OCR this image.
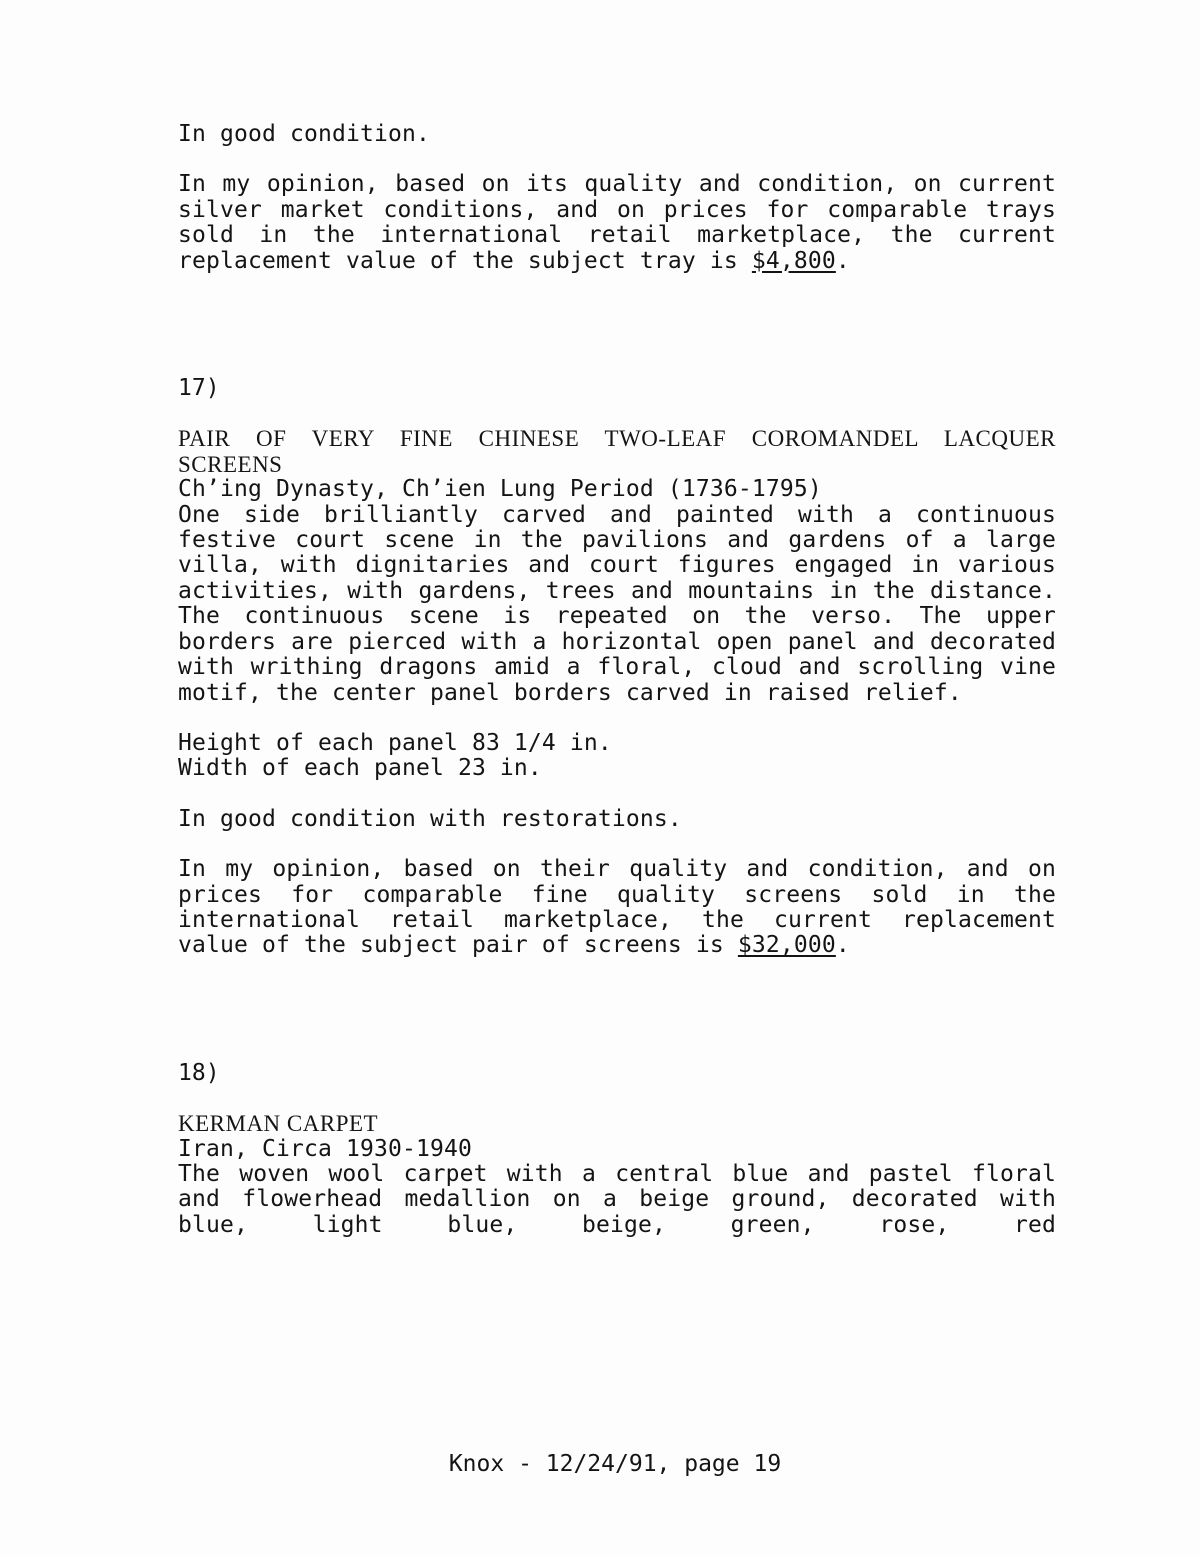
In good condition.

In my opinion, based on its quality and condition, on current silver market conditions, and on prices for comparable trays sold in the international retail marketplace, the current replacement value of the subject tray is $4,800.

17)

PAIR OF VERY FINE CHINESE TWO-LEAF COROMANDEL LACQUER
SCREENS

Ch’ing Dynasty, Ch’ien Lung Period (1736-1795)

One side brilliantly carved and painted with a continuous festive court scene in the pavilions and gardens of a large villa, with dignitaries and court figures engaged in various activities, with gardens, trees and mountains in the distance. The continuous scene is repeated on the verso. The upper borders are pierced with a horizontal open panel and decorated with writhing dragons amid a floral, cloud and scrolling vine motif, the center panel borders carved in raised relief.

Height of each panel 83 1/4 in.

Width of each panel 23 in.

In good condition with restorations.

In my opinion, based on their quality and condition, and on prices for comparable fine quality screens sold in the international retail marketplace, the current replacement value of the subject pair of screens is $32,000.

18)

KERMAN CARPET

Iran, Circa 1930-1940

The woven wool carpet with a central blue and pastel floral and flowerhead medallion on a beige ground, decorated with blue, light blue, beige, green, rose, red

Knox - 12/24/91, page 19
